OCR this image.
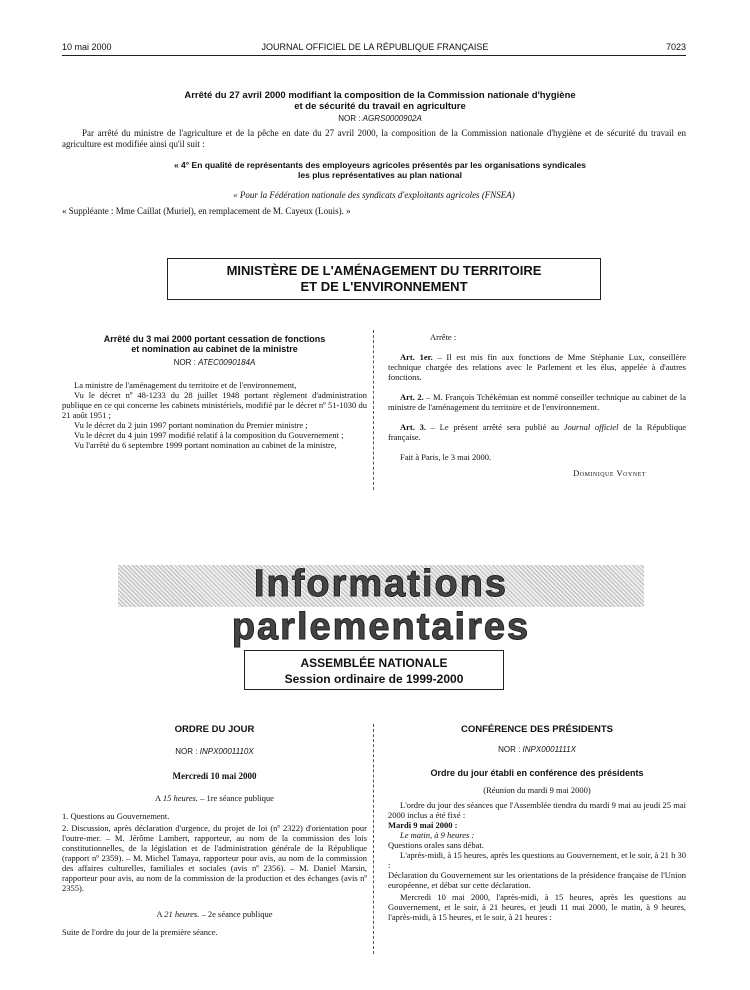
10 mai 2000	JOURNAL OFFICIEL DE LA RÉPUBLIQUE FRANÇAISE	7023
Arrêté du 27 avril 2000 modifiant la composition de la Commission nationale d'hygiène
et de sécurité du travail en agriculture
NOR : AGRS0000902A
Par arrêté du ministre de l'agriculture et de la pêche en date du 27 avril 2000, la composition de la Commission nationale d'hygiène et de sécurité du travail en agriculture est modifiée ainsi qu'il suit :
« 4° En qualité de représentants des employeurs agricoles présentés par les organisations syndicales
les plus représentatives au plan national
« Pour la Fédération nationale des syndicats d'exploitants agricoles (FNSEA)
« Suppléante : Mme Caillat (Muriel), en remplacement de M. Cayeux (Louis). »
MINISTÈRE DE L'AMÉNAGEMENT DU TERRITOIRE
ET DE L'ENVIRONNEMENT
Arrêté du 3 mai 2000 portant cessation de fonctions
et nomination au cabinet de la ministre
NOR : ATEC0090184A

La ministre de l'aménagement du territoire et de l'environnement,

Vu le décret nº 48-1233 du 28 juillet 1948 portant règlement d'administration publique en ce qui concerne les cabinets ministériels, modifié par le décret nº 51-1030 du 21 août 1951 ;

Vu le décret du 2 juin 1997 portant nomination du Premier ministre ;

Vu le décret du 4 juin 1997 modifié relatif à la composition du Gouvernement ;

Vu l'arrêté du 6 septembre 1999 portant nomination au cabinet de la ministre,

Arrête :

Art. 1er. – Il est mis fin aux fonctions de Mme Stéphanie Lux, conseillère technique chargée des relations avec le Parlement et les élus, appelée à d'autres fonctions.

Art. 2. – M. François Tchékémian est nommé conseiller technique au cabinet de la ministre de l'aménagement du territoire et de l'environnement.

Art. 3. – Le présent arrêté sera publié au Journal officiel de la République française.

Fait à Paris, le 3 mai 2000.

Dominique Voynet

Informations parlementaires
ASSEMBLÉE NATIONALE
Session ordinaire de 1999-2000
ORDRE DU JOUR
NOR : INPX0001110X
Mercredi 10 mai 2000

A 15 heures. – 1re séance publique

1. Questions au Gouvernement.

2. Discussion, après déclaration d'urgence, du projet de loi (nº 2322) d'orientation pour l'outre-mer. – M. Jérôme Lambert, rapporteur, au nom de la commission des lois constitutionnelles, de la législation et de l'administration générale de la République (rapport nº 2359). – M. Michel Tamaya, rapporteur pour avis, au nom de la commission des affaires culturelles, familiales et sociales (avis nº 2356). – M. Daniel Marsin, rapporteur pour avis, au nom de la commission de la production et des échanges (avis nº 2355).

A 21 heures. – 2e séance publique

Suite de l'ordre du jour de la première séance.

CONFÉRENCE DES PRÉSIDENTS
NOR : INPX0001111X
Ordre du jour établi en conférence des présidents
(Réunion du mardi 9 mai 2000)

L'ordre du jour des séances que l'Assemblée tiendra du mardi 9 mai au jeudi 25 mai 2000 inclus a été fixé :

Mardi 9 mai 2000 :

Le matin, à 9 heures :

Questions orales sans débat.

L'après-midi, à 15 heures, après les questions au Gouvernement, et le soir, à 21 h 30 :

Déclaration du Gouvernement sur les orientations de la présidence française de l'Union européenne, et débat sur cette déclaration.

Mercredi 10 mai 2000, l'après-midi, à 15 heures, après les questions au Gouvernement, et le soir, à 21 heures, et jeudi 11 mai 2000, le matin, à 9 heures, l'après-midi, à 15 heures, et le soir, à 21 heures :
